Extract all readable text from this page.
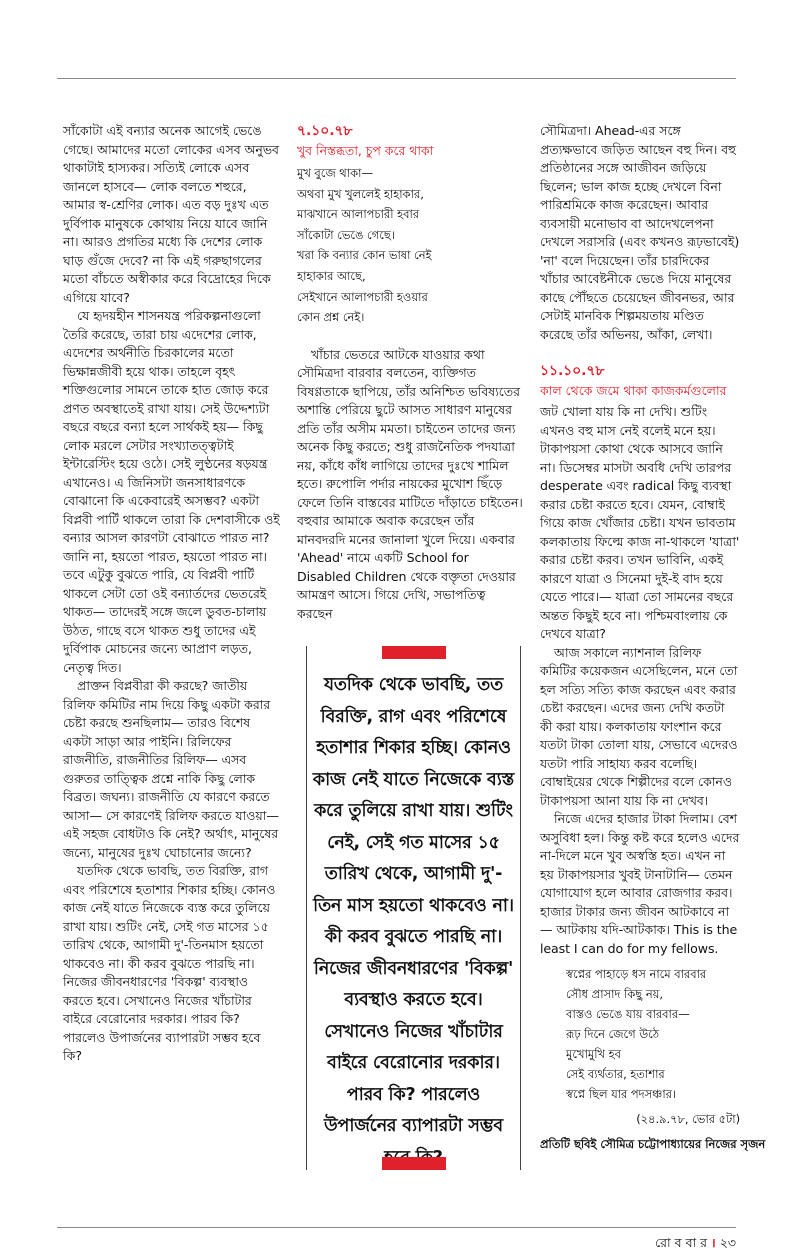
সাঁকোটা এই বন্যার অনেক আগেই ভেঙে গেছে। আমাদের মতো লোকের এসব অনুভব থাকাটাই হাস্যকর। সত্যিই লোকে এসব জানলে হাসবে— লোক বলতে শহুরে, আমার স্ব-শ্রেণির লোক। এত বড় দুঃখ এত দুর্বিপাক মানুষকে কোথায় নিয়ে যাবে জানি না। আরও প্রগতির মধ্যে কি দেশের লোক ঘাড় গুঁজে দেবে? না কি এই গরুছাগলের মতো বাঁচতে অস্বীকার করে বিদ্রোহের দিকে এগিয়ে যাবে?

যে হৃদয়হীন শাসনযন্ত্র পরিকল্পনাগুলো তৈরি করেছে, তারা চায় এদেশের লোক, এদেশের অর্থনীতি চিরকালের মতো ভিক্ষান্নজীবী হয়ে থাক। তাহলে বৃহৎ শক্তিগুলোর সামনে তাকে হাত জোড় করে প্রণত অবস্থাতেই রাখা যায়। সেই উদ্দেশ্যটা বছরে বছরে বন্যা হলে সার্থকই হয়— কিছু লোক মরলে সেটার সংখ্যাতত্ত্বটাই ইন্টারেস্টিং হয়ে ওঠে। সেই লুণ্ঠনের ষড়যন্ত্র এখানেও। এ জিনিসটা জনসাধারণকে বোঝানো কি একেবারেই অসম্ভব? একটা বিপ্লবী পার্টি থাকলে তারা কি দেশবাসীকে ওই বন্যার আসল কারণটা বোঝাতে পারত না? জানি না, হয়তো পারত, হয়তো পারত না। তবে এটুকু বুঝতে পারি, যে বিপ্লবী পার্টি থাকলে সেটা তো ওই বন্যার্তদের ভেতরেই থাকত— তাদেরই সঙ্গে জলে ডুবত-চালায় উঠত, গাছে বসে থাকত শুধু তাদের এই দুর্বিপাক মোচনের জন্যে আপ্রাণ লড়ত, নেতৃত্ব দিত।

প্রাক্তন বিপ্লবীরা কী করছে? জাতীয় রিলিফ কমিটির নাম দিয়ে কিছু একটা করার চেষ্টা করছে শুনছিলাম— তারও বিশেষ একটা সাড়া আর পাইনি। রিলিফের রাজনীতি, রাজনীতির রিলিফ— এসব গুরুতর তাত্ত্বিক প্রশ্নে নাকি কিছু লোক বিব্রত। জঘন্য। রাজনীতি যে কারণে করতে আসা— সে কারণেই রিলিফ করতে যাওয়া— এই সহজ বোধটাও কি নেই? অর্থাৎ, মানুষের জন্যে, মানুষের দুঃখ ঘোচানোর জন্যে?

যতদিক থেকে ভাবছি, তত বিরক্তি, রাগ এবং পরিশেষে হতাশার শিকার হচ্ছি। কোনও কাজ নেই যাতে নিজেকে ব্যস্ত করে তুলিয়ে রাখা যায়। শুটিং নেই, সেই গত মাসের ১৫ তারিখ থেকে, আগামী দু'-তিনমাস হয়তো থাকবেও না। কী করব বুঝতে পারছি না। নিজের জীবনধারণের 'বিকল্প' ব্যবস্থাও করতে হবে। সেখানেও নিজের খাঁচাটার বাইরে বেরোনোর দরকার। পারব কি? পারলেও উপার্জনের ব্যাপারটা সম্ভব হবে কি?

৭.১০.৭৮

খুব নিস্তব্ধতা, চুপ করে থাকা

মুখ বুজে থাকা—
অথবা মুখ খুললেই হাহাকার,
মাঝখানে আলাপচারী হবার
সাঁকোটা ভেঙে গেছে।
খরা কি বন্যার কোন ভাষা নেই
হাহাকার আছে,
সেইখানে আলাপচারী হওয়ার
কোন প্রশ্ন নেই।

খাঁচার ভেতরে আটকে যাওয়ার কথা সৌমিত্রদা বারবার বলতেন, ব্যক্তিগত বিষণ্ণতাকে ছাপিয়ে, তাঁর অনিশ্চিত ভবিষ্যতের অশান্তি পেরিয়ে ছুটে আসত সাধারণ মানুষের প্রতি তাঁর অসীম মমতা। চাইতেন তাদের জন্য অনেক কিছু করতে; শুধু রাজনৈতিক পদযাত্রা নয়, কাঁধে কাঁধ লাগিয়ে তাদের দুঃখে শামিল হতে। রুপোলি পর্দার নায়কের মুখোশ ছিঁড়ে ফেলে তিনি বাস্তবের মাটিতে দাঁড়াতে চাইতেন। বহুবার আমাকে অবাক করেছেন তাঁর মানবদরদি মনের জানালা খুলে দিয়ে। একবার 'Ahead' নামে একটি School for Disabled Children থেকে বক্তৃতা দেওয়ার আমন্ত্রণ আসে। গিয়ে দেখি, সভাপতিত্ব করছেন

যতদিক থেকে ভাবছি, তত বিরক্তি, রাগ এবং পরিশেষে হতাশার শিকার হচ্ছি। কোনও কাজ নেই যাতে নিজেকে ব্যস্ত করে তুলিয়ে রাখা যায়। শুটিং নেই, সেই গত মাসের ১৫ তারিখ থেকে, আগামী দু'-তিন মাস হয়তো থাকবেও না। কী করব বুঝতে পারছি না। নিজের জীবনধারণের 'বিকল্প' ব্যবস্থাও করতে হবে। সেখানেও নিজের খাঁচাটার বাইরে বেরোনোর দরকার। পারব কি? পারলেও উপার্জনের ব্যাপারটা সম্ভব

সৌমিত্রদা। Ahead-এর সঙ্গে প্রত্যক্ষভাবে জড়িত আছেন বহু দিন। বহু প্রতিষ্ঠানের সঙ্গে আজীবন জড়িয়ে ছিলেন; ভাল কাজ হচ্ছে দেখলে বিনা পারিশ্রমিকে কাজ করেছেন। আবার ব্যবসায়ী মনোভাব বা আদেখলেপনা দেখলে সরাসরি (এবং কখনও রূঢ়ভাবেই) 'না' বলে দিয়েছেন। তাঁর চারদিকের খাঁচার আবেষ্টনীকে ভেঙে দিয়ে মানুষের কাছে পৌঁছতে চেয়েছেন জীবনভর, আর সেটাই মানবিক শিল্পময়তায় মণ্ডিত করেছে তাঁর অভিনয়, আঁকা, লেখা।

১১.১০.৭৮

কাল থেকে জমে থাকা কাজকর্মগুলোর

জট খোলা যায় কি না দেখি। শুটিং এখনও বহু মাস নেই বলেই মনে হয়। টাকাপয়সা কোথা থেকে আসবে জানি না। ডিসেম্বর মাসটা অবধি দেখি তারপর desperate এবং radical কিছু ব্যবস্থা করার চেষ্টা করতে হবে। যেমন, বোম্বাই গিয়ে কাজ খোঁজার চেষ্টা। যখন ভাবতাম কলকাতায় ফিল্মে কাজ না-থাকলে 'যাত্রা' করার চেষ্টা করব। তখন ভাবিনি, একই কারণে যাত্রা ও সিনেমা দুই-ই বাদ হয়ে যেতে পারে।— যাত্রা তো সামনের বছরে অন্তত কিছুই হবে না। পশ্চিমবাংলায় কে দেখবে যাত্রা?

আজ সকালে ন্যাশনাল রিলিফ কমিটির কয়েকজন এসেছিলেন, মনে তো হল সত্যি সত্যি কাজ করছেন এবং করার চেষ্টা করছেন। এদের জন্য দেখি কতটা কী করা যায়। কলকাতায় ফাংশান করে যতটা টাকা তোলা যায়, সেভাবে এদেরও যতটা পারি সাহায্য করব বলেছি। বোম্বাইয়ের থেকে শিল্পীদের বলে কোনও টাকাপয়সা আনা যায় কি না দেখব।

নিজে এদের হাজার টাকা দিলাম। বেশ অসুবিধা হল। কিন্তু কষ্ট করে হলেও এদের না-দিলে মনে খুব অস্বস্তি হত। এখন না হয় টাকাপয়সার খুবই টানাটানি— তেমন যোগাযোগ হলে আবার রোজগার করব। হাজার টাকার জন্য জীবন আটকাবে না— আটকায় যদি-আটকাক। This is the least I can do for my fellows.

স্বপ্নের পাহাড়ে ধস নামে বারবার
সৌধ প্রাসাদ কিছু নয়,
বাস্তও ভেঙে যায় বারবার—
রূঢ় দিনে জেগে উঠে
মুখোমুখি হব
সেই ব্যর্থতার, হতাশার
স্বপ্নে ছিল যার পদসঞ্চার।

(২৪.৯.৭৮, ভোর ৫টা)

প্রতিটি ছবিই সৌমিত্র চট্টোপাধ্যায়ের নিজের সৃজন
রো ব বা র । ২৩
